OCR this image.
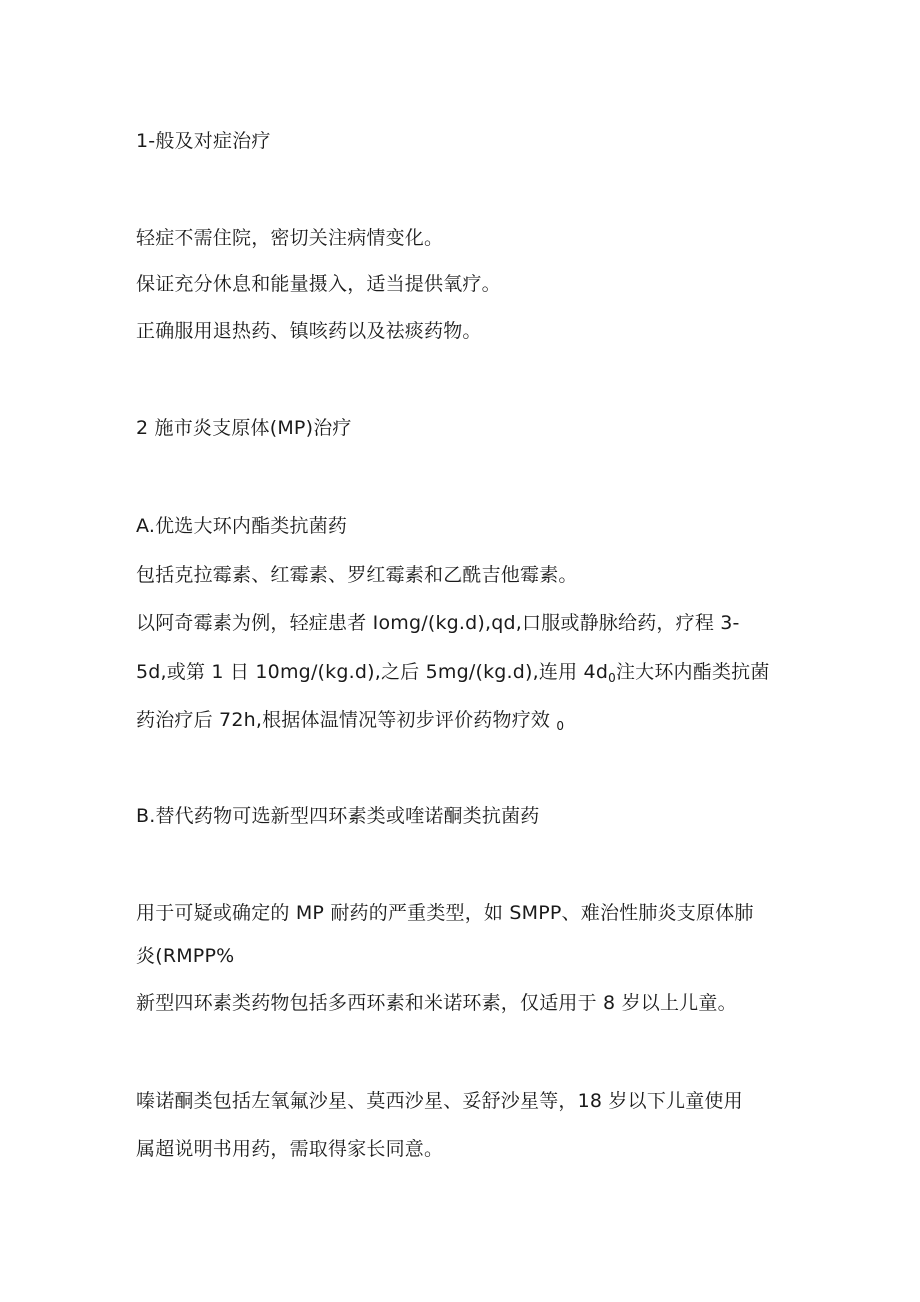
1-般及对症治疗
轻症不需住院，密切关注病情变化。
保证充分休息和能量摄入，适当提供氧疗。
正确服用退热药、镇咳药以及祛痰药物。
2 施市炎支原体(MP)治疗
A.优选大环内酯类抗菌药
包括克拉霉素、红霉素、罗红霉素和乙酰吉他霉素。
以阿奇霉素为例，轻症患者 Iomg/(kg.d),qd,口服或静脉给药，疗程 3-
5d,或第 1 日 10mg/(kg.d),之后 5mg∕(kg.d),连用 $4d_0$注大环内酯类抗菌
药治疗后 72h,根据体温情况等初步评价药物疗效 $_0$
B.替代药物可选新型四环素类或喹诺酮类抗菌药
用于可疑或确定的 MP 耐药的严重类型，如 SMPP、难治性肺炎支原体肺
炎(RMPP%
新型四环素类药物包括多西环素和米诺环素，仅适用于 8 岁以上儿童。
嗪诺酮类包括左氧氟沙星、莫西沙星、妥舒沙星等，18 岁以下儿童使用
属超说明书用药，需取得家长同意。
